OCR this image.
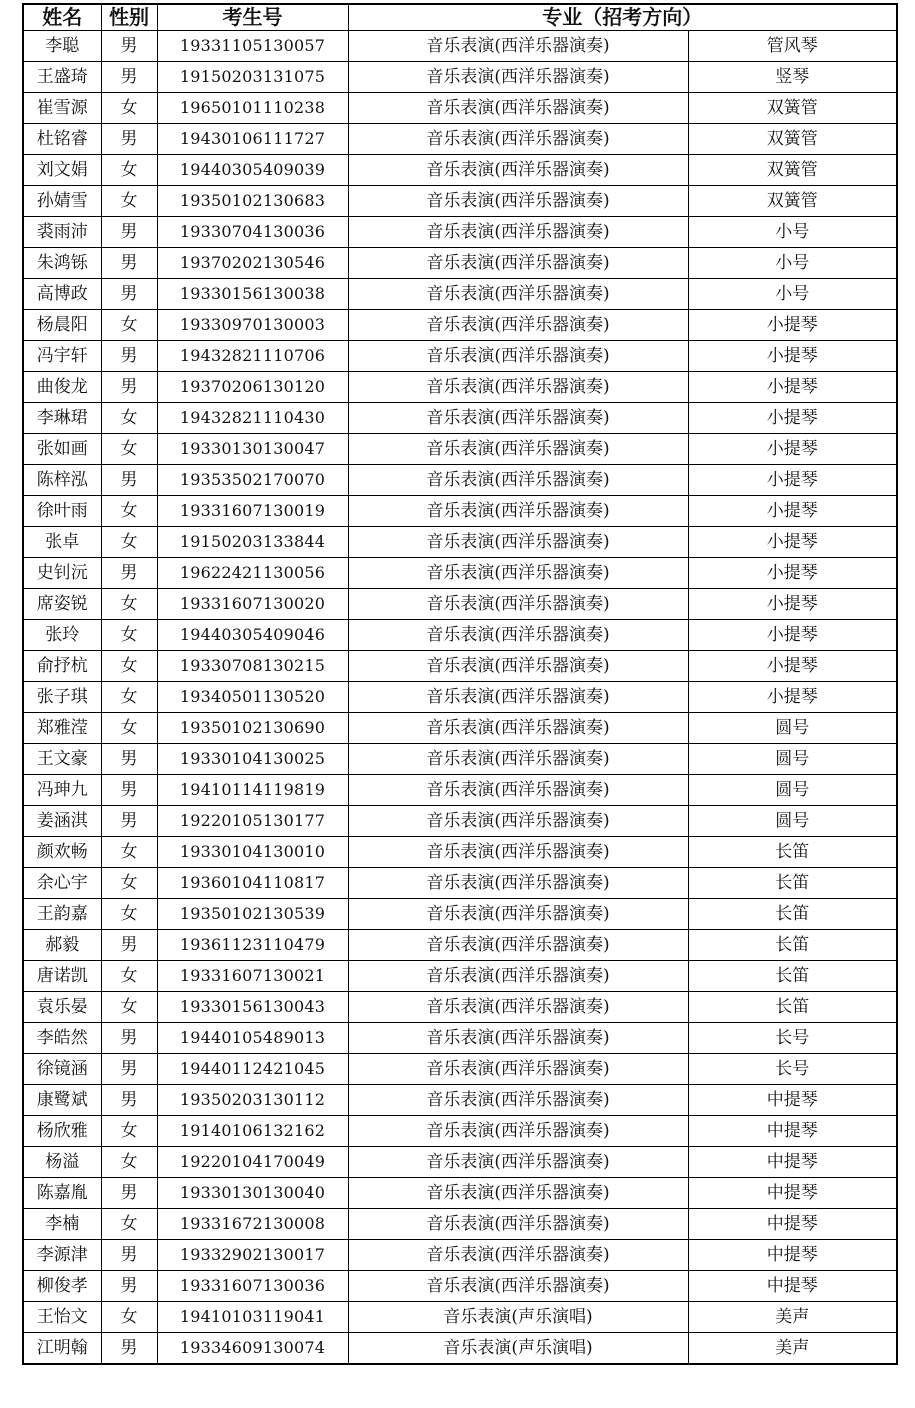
姓名	性别	考生号	专业（招考方向）	
李聪	男	19331105130057	音乐表演(西洋乐器演奏)	管风琴
王盛琦	男	19150203131075	音乐表演(西洋乐器演奏)	竖琴
崔雪源	女	19650101110238	音乐表演(西洋乐器演奏)	双簧管
杜铭睿	男	19430106111727	音乐表演(西洋乐器演奏)	双簧管
刘文娟	女	19440305409039	音乐表演(西洋乐器演奏)	双簧管
孙婧雪	女	19350102130683	音乐表演(西洋乐器演奏)	双簧管
裘雨沛	男	19330704130036	音乐表演(西洋乐器演奏)	小号
朱鸿铄	男	19370202130546	音乐表演(西洋乐器演奏)	小号
高博政	男	19330156130038	音乐表演(西洋乐器演奏)	小号
杨晨阳	女	19330970130003	音乐表演(西洋乐器演奏)	小提琴
冯宇轩	男	19432821110706	音乐表演(西洋乐器演奏)	小提琴
曲俊龙	男	19370206130120	音乐表演(西洋乐器演奏)	小提琴
李琳珺	女	19432821110430	音乐表演(西洋乐器演奏)	小提琴
张如画	女	19330130130047	音乐表演(西洋乐器演奏)	小提琴
陈梓泓	男	19353502170070	音乐表演(西洋乐器演奏)	小提琴
徐叶雨	女	19331607130019	音乐表演(西洋乐器演奏)	小提琴
张卓	女	19150203133844	音乐表演(西洋乐器演奏)	小提琴
史钊沅	男	19622421130056	音乐表演(西洋乐器演奏)	小提琴
席姿锐	女	19331607130020	音乐表演(西洋乐器演奏)	小提琴
张玲	女	19440305409046	音乐表演(西洋乐器演奏)	小提琴
俞抒杭	女	19330708130215	音乐表演(西洋乐器演奏)	小提琴
张子琪	女	19340501130520	音乐表演(西洋乐器演奏)	小提琴
郑雅滢	女	19350102130690	音乐表演(西洋乐器演奏)	圆号
王文豪	男	19330104130025	音乐表演(西洋乐器演奏)	圆号
冯珅九	男	19410114119819	音乐表演(西洋乐器演奏)	圆号
姜涵淇	男	19220105130177	音乐表演(西洋乐器演奏)	圆号
颜欢畅	女	19330104130010	音乐表演(西洋乐器演奏)	长笛
余心宇	女	19360104110817	音乐表演(西洋乐器演奏)	长笛
王韵嘉	女	19350102130539	音乐表演(西洋乐器演奏)	长笛
郝毅	男	19361123110479	音乐表演(西洋乐器演奏)	长笛
唐诺凯	女	19331607130021	音乐表演(西洋乐器演奏)	长笛
袁乐晏	女	19330156130043	音乐表演(西洋乐器演奏)	长笛
李皓然	男	19440105489013	音乐表演(西洋乐器演奏)	长号
徐镜涵	男	19440112421045	音乐表演(西洋乐器演奏)	长号
康鹭斌	男	19350203130112	音乐表演(西洋乐器演奏)	中提琴
杨欣雅	女	19140106132162	音乐表演(西洋乐器演奏)	中提琴
杨溢	女	19220104170049	音乐表演(西洋乐器演奏)	中提琴
陈嘉胤	男	19330130130040	音乐表演(西洋乐器演奏)	中提琴
李楠	女	19331672130008	音乐表演(西洋乐器演奏)	中提琴
李源津	男	19332902130017	音乐表演(西洋乐器演奏)	中提琴
柳俊孝	男	19331607130036	音乐表演(西洋乐器演奏)	中提琴
王怡文	女	19410103119041	音乐表演(声乐演唱)	美声
江明翰	男	19334609130074	音乐表演(声乐演唱)	美声
